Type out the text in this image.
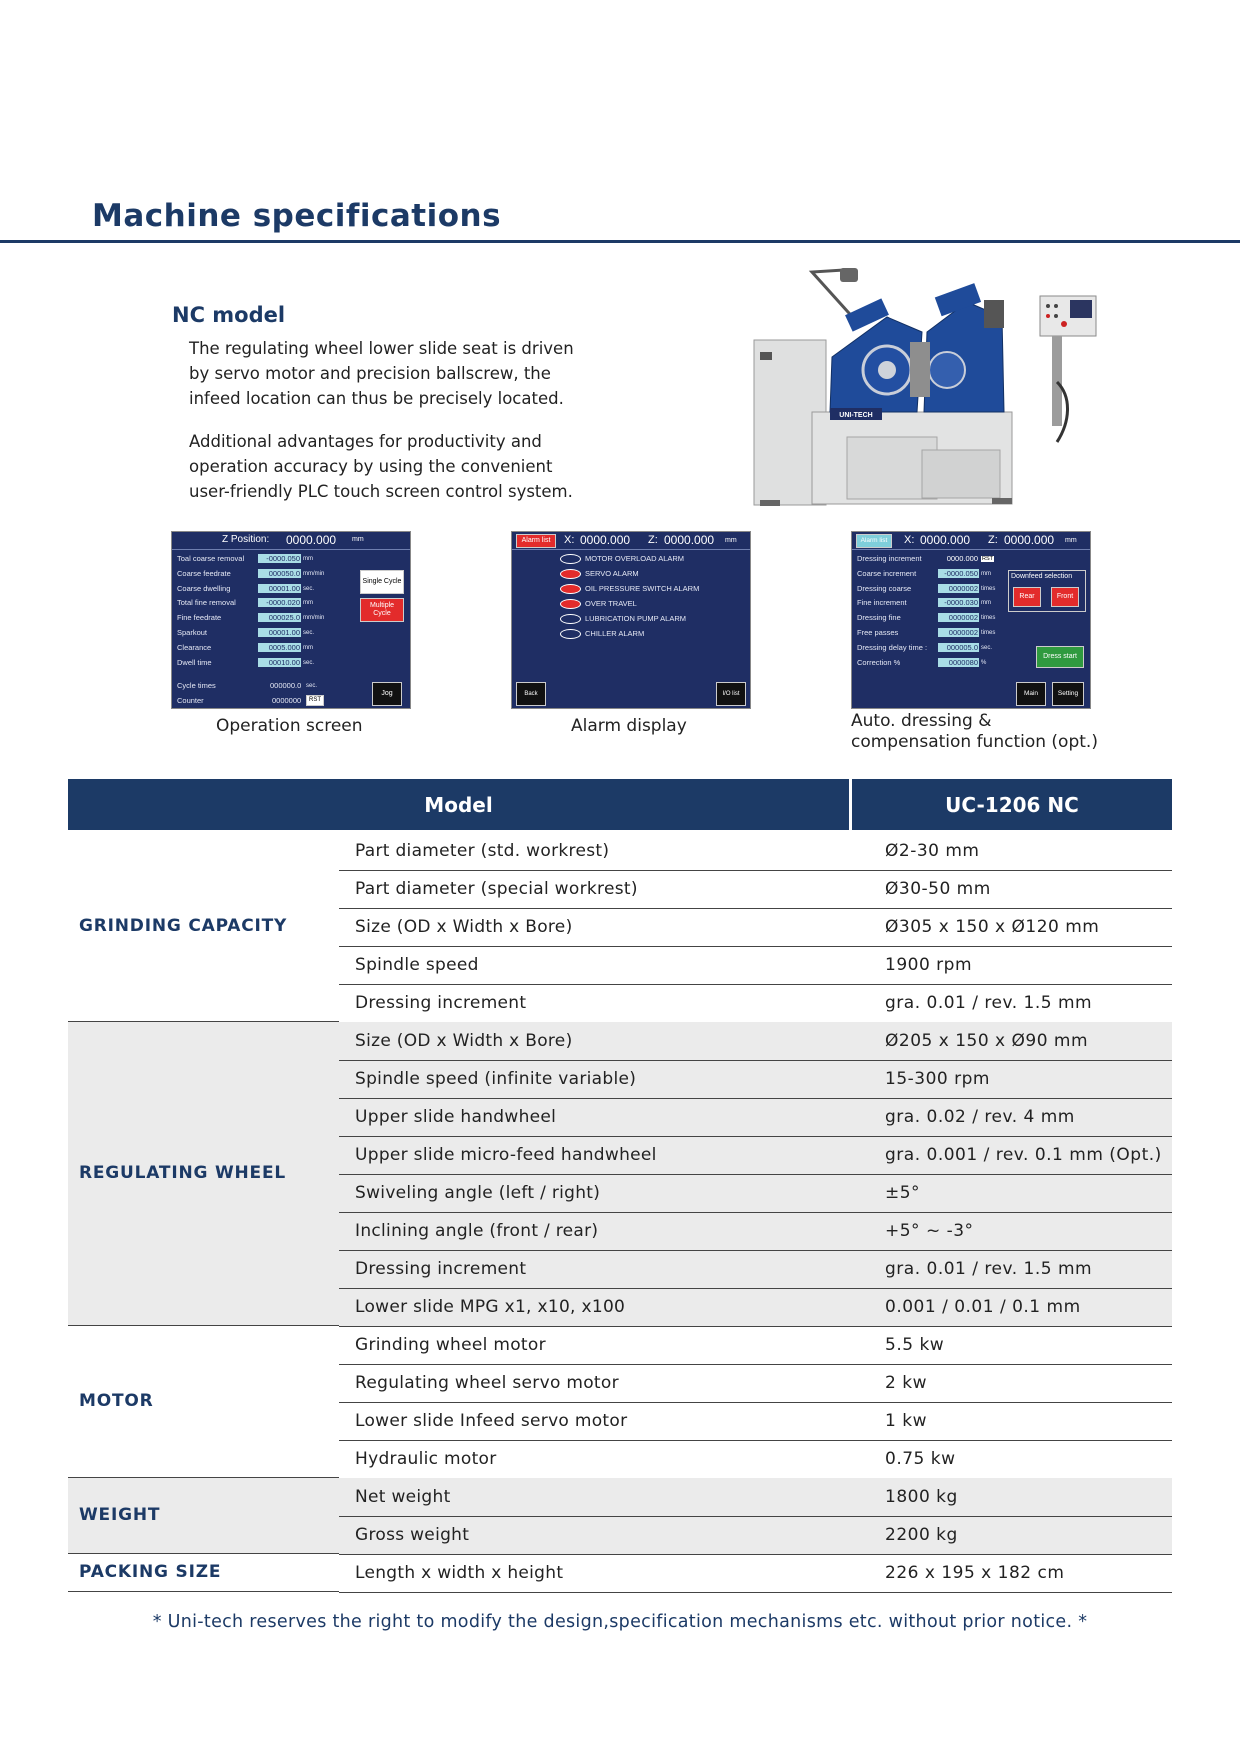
Machine specifications
NC model
The regulating wheel lower slide seat is driven
by servo motor and precision ballscrew, the
infeed location can thus be precisely located.
Additional advantages for productivity and
operation accuracy by using the convenient
user-friendly PLC touch screen control system.
UNI-TECH
Z Position: 0000.000 mm
Toal coarse removal	-0000.050 mm
Coarse feedrate	000050.0 mm/min
Coarse dwelling	00001.00 sec.
Total fine removal	-0000.020 mm
Fine feedrate	000025.0 mm/min
Sparkout	00001.00 sec.
Clearance	0005.000 mm
Dwell time	00010.00 sec.
Single Cycle
Multiple Cycle
Cycle times	000000.0 sec.
Counter	0000000	RST
Jog
Operation screen
Alarm list	X: 0000.000 Z: 0000.000 mm
MOTOR OVERLOAD ALARM
SERVO ALARM
OIL PRESSURE SWITCH ALARM
OVER TRAVEL
LUBRICATION PUMP ALARM
CHILLER ALARM
Back	I/O list
Alarm display
Alarm list	X: 0000.000 Z: 0000.000 mm
Dressing increment	0000.000 RST
Coarse increment	-0000.050 mm
Dressing coarse	0000002 times
Fine increment	-0000.030 mm
Dressing fine	0000002 times
Free passes	0000002 times
Dressing delay time :	000005.0 sec.
Correction %	0000080 %
Downfeed selection
Rear	Front
Dress start
Main	Setting
Auto. dressing &
compensation function (opt.)
Model	UC-1206 NC
GRINDING CAPACITY
Part diameter (std. workrest)	Ø2-30 mm
Part diameter (special workrest)	Ø30-50 mm
Size (OD x Width x Bore)	Ø305 x 150 x Ø120 mm
Spindle speed	1900 rpm
Dressing increment	gra. 0.01 / rev. 1.5 mm
REGULATING WHEEL
Size (OD x Width x Bore)	Ø205 x 150 x Ø90 mm
Spindle speed (infinite variable)	15-300 rpm
Upper slide handwheel	gra. 0.02 / rev. 4 mm
Upper slide micro-feed handwheel	gra. 0.001 / rev. 0.1 mm (Opt.)
Swiveling angle (left / right)	±5°
Inclining angle (front / rear)	+5° ~ -3°
Dressing increment	gra. 0.01 / rev. 1.5 mm
Lower slide MPG x1, x10, x100	0.001 / 0.01 / 0.1 mm
MOTOR
Grinding wheel motor	5.5 kw
Regulating wheel servo motor	2 kw
Lower slide Infeed servo motor	1 kw
Hydraulic motor	0.75 kw
WEIGHT
Net weight	1800 kg
Gross weight	2200 kg
PACKING SIZE	Length x width x height	226 x 195 x 182 cm
* Uni-tech reserves the right to modify the design,specification mechanisms etc. without prior notice. *
